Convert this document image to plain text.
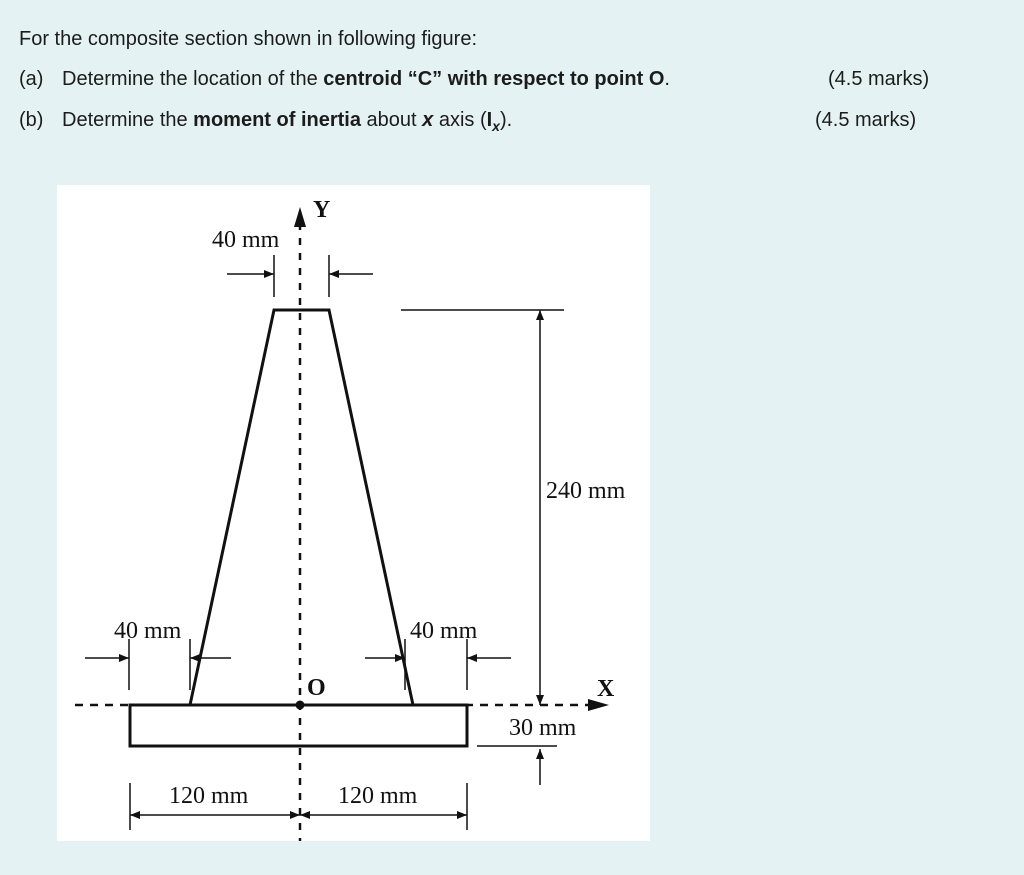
For the composite section shown in following figure:
(a) Determine the location of the centroid “C” with respect to point O.	(4.5 marks)
(b) Determine the moment of inertia about x axis $(I_x)$.	(4.5 marks)
Y
X
O
40 mm
240 mm
30 mm
40 mm	40 mm
120 mm	120 mm
